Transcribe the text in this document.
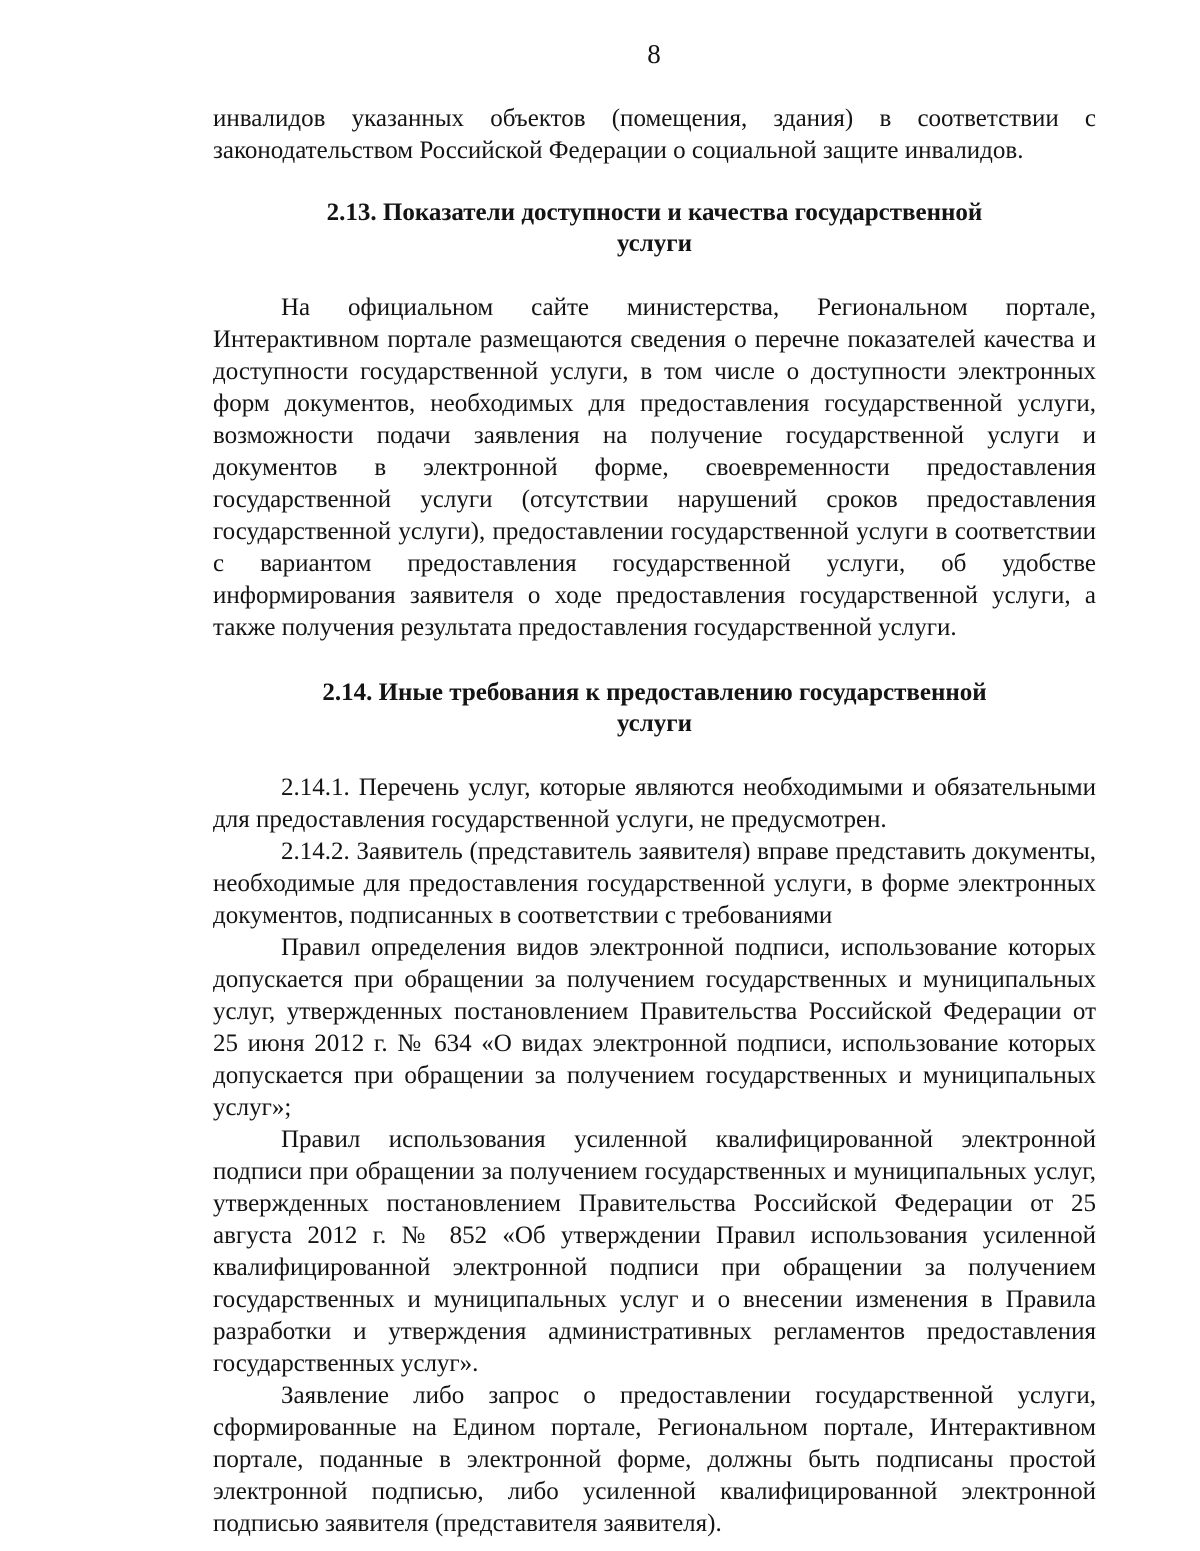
8

инвалидов указанных объектов (помещения, здания) в соответствии с законодательством Российской Федерации о социальной защите инвалидов.

2.13. Показатели доступности и качества государственной

услуги

На официальном сайте министерства, Региональном портале, Интерактивном портале размещаются сведения о перечне показателей качества и доступности государственной услуги, в том числе о доступности электронных форм документов, необходимых для предоставления государственной услуги, возможности подачи заявления на получение государственной услуги и документов в электронной форме, своевременности предоставления государственной услуги (отсутствии нарушений сроков предоставления государственной услуги), предоставлении государственной услуги в соответствии с вариантом предоставления государственной услуги, об удобстве информирования заявителя о ходе предоставления государственной услуги, а также получения результата предоставления государственной услуги.

2.14. Иные требования к предоставлению государственной

услуги

2.14.1. Перечень услуг, которые являются необходимыми и обязательными для предоставления государственной услуги, не предусмотрен.

2.14.2. Заявитель (представитель заявителя) вправе представить документы, необходимые для предоставления государственной услуги, в форме электронных документов, подписанных в соответствии с требованиями

Правил определения видов электронной подписи, использование которых допускается при обращении за получением государственных и муниципальных услуг, утвержденных постановлением Правительства Российской Федерации от 25 июня 2012 г. № 634 «О видах электронной подписи, использование которых допускается при обращении за получением государственных и муниципальных услуг»;

Правил использования усиленной квалифицированной электронной подписи при обращении за получением государственных и муниципальных услуг, утвержденных постановлением Правительства Российской Федерации от 25 августа 2012 г. № 852 «Об утверждении Правил использования усиленной квалифицированной электронной подписи при обращении за получением государственных и муниципальных услуг и о внесении изменения в Правила разработки и утверждения административных регламентов предоставления государственных услуг».

Заявление либо запрос о предоставлении государственной услуги, сформированные на Едином портале, Региональном портале, Интерактивном портале, поданные в электронной форме, должны быть подписаны простой электронной подписью, либо усиленной квалифицированной электронной подписью заявителя (представителя заявителя).
